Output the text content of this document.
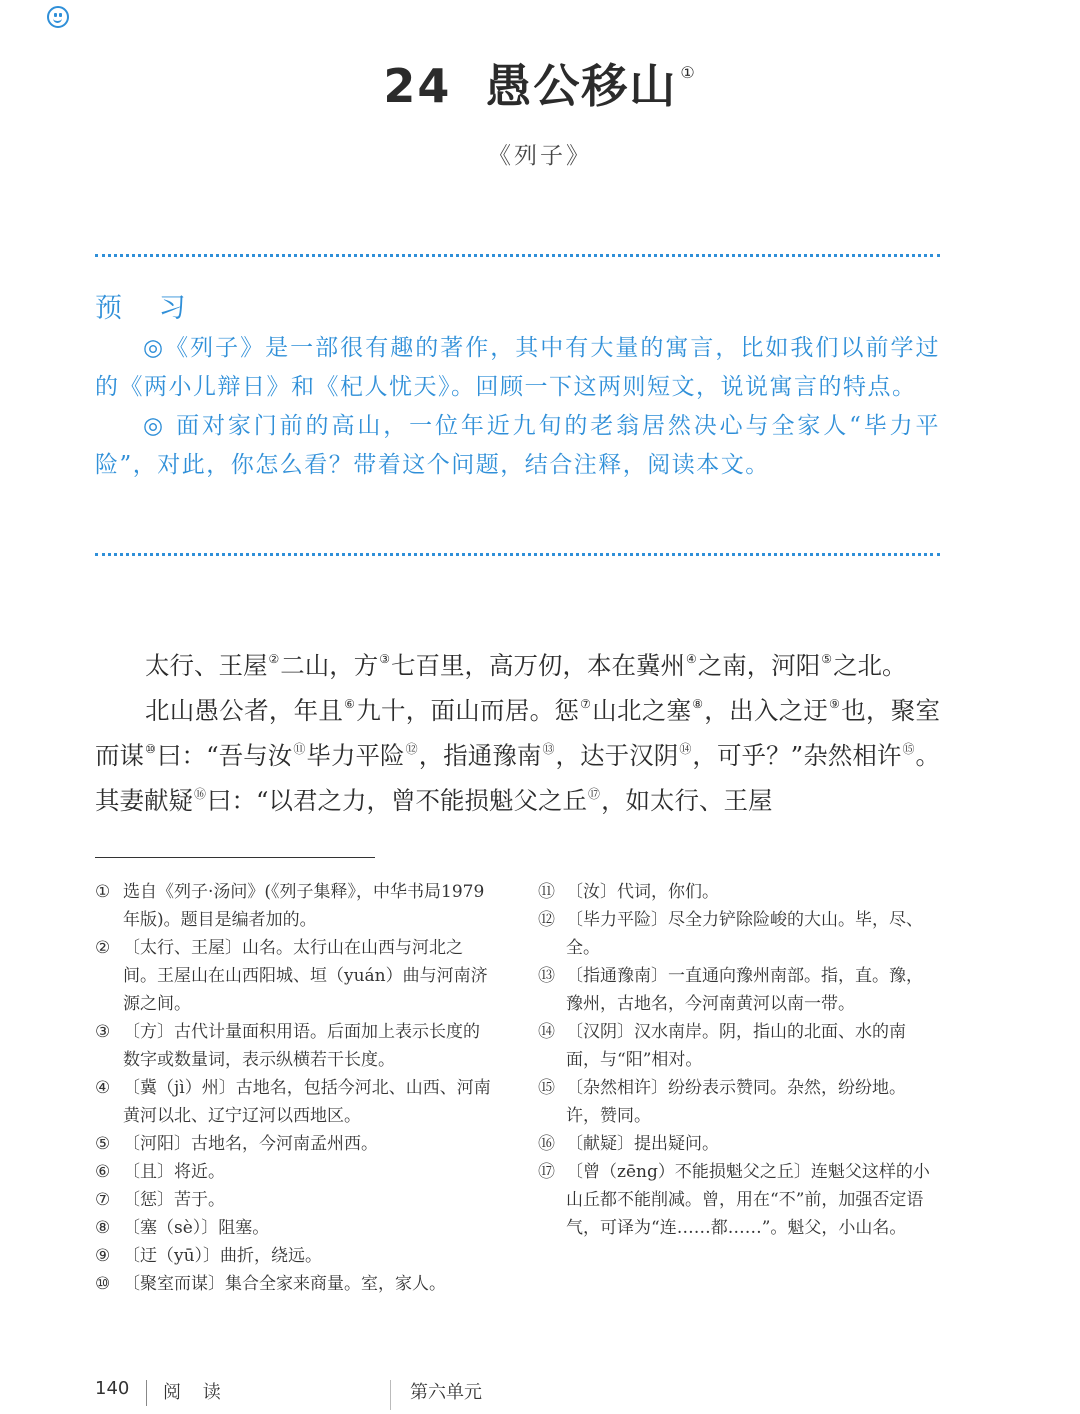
24 愚公移山 ①
《列子》
预 习

◎《列子》是一部很有趣的著作，其中有大量的寓言，比如我们以前学过的《两小儿辩日》和《杞人忧天》。回顾一下这两则短文，说说寓言的特点。

◎ 面对家门前的高山，一位年近九旬的老翁居然决心与全家人“毕力平险”，对此，你怎么看？带着这个问题，结合注释，阅读本文。

太行、王屋②二山，方③七百里，高万仞，本在冀州④之南，河阳⑤之北。

北山愚公者，年且⑥九十，面山而居。惩⑦山北之塞⑧，出入之迂⑨也，聚室而谋⑩曰：“吾与汝⑪毕力平险⑫，指通豫南⑬，达于汉阴⑭，可乎？”杂然相许⑮。其妻献疑⑯曰：“以君之力，曾不能损魁父之丘⑰，如太行、王屋

① 选自《列子·汤问》(《列子集释》，中华书局1979年版)。题目是编者加的。
② 〔太行、王屋〕山名。太行山在山西与河北之间。王屋山在山西阳城、垣（yuán）曲与河南济源之间。
③ 〔方〕古代计量面积用语。后面加上表示长度的数字或数量词，表示纵横若干长度。
④ 〔冀（jì）州〕古地名，包括今河北、山西、河南黄河以北、辽宁辽河以西地区。
⑤ 〔河阳〕古地名，今河南孟州西。
⑥ 〔且〕将近。
⑦ 〔惩〕苦于。
⑧ 〔塞（sè）〕阻塞。
⑨ 〔迂（yū）〕曲折，绕远。
⑩ 〔聚室而谋〕集合全家来商量。室，家人。
⑪ 〔汝〕代词，你们。
⑫ 〔毕力平险〕尽全力铲除险峻的大山。毕，尽、全。
⑬ 〔指通豫南〕一直通向豫州南部。指，直。豫，豫州，古地名，今河南黄河以南一带。
⑭ 〔汉阴〕汉水南岸。阴，指山的北面、水的南面，与“阳”相对。
⑮ 〔杂然相许〕纷纷表示赞同。杂然，纷纷地。许，赞同。
⑯ 〔献疑〕提出疑问。
⑰ 〔曾（zēng）不能损魁父之丘〕连魁父这样的小山丘都不能削减。曾，用在“不”前，加强否定语气，可译为“连……都……”。魁父，小山名。
140 阅 读	第六单元
